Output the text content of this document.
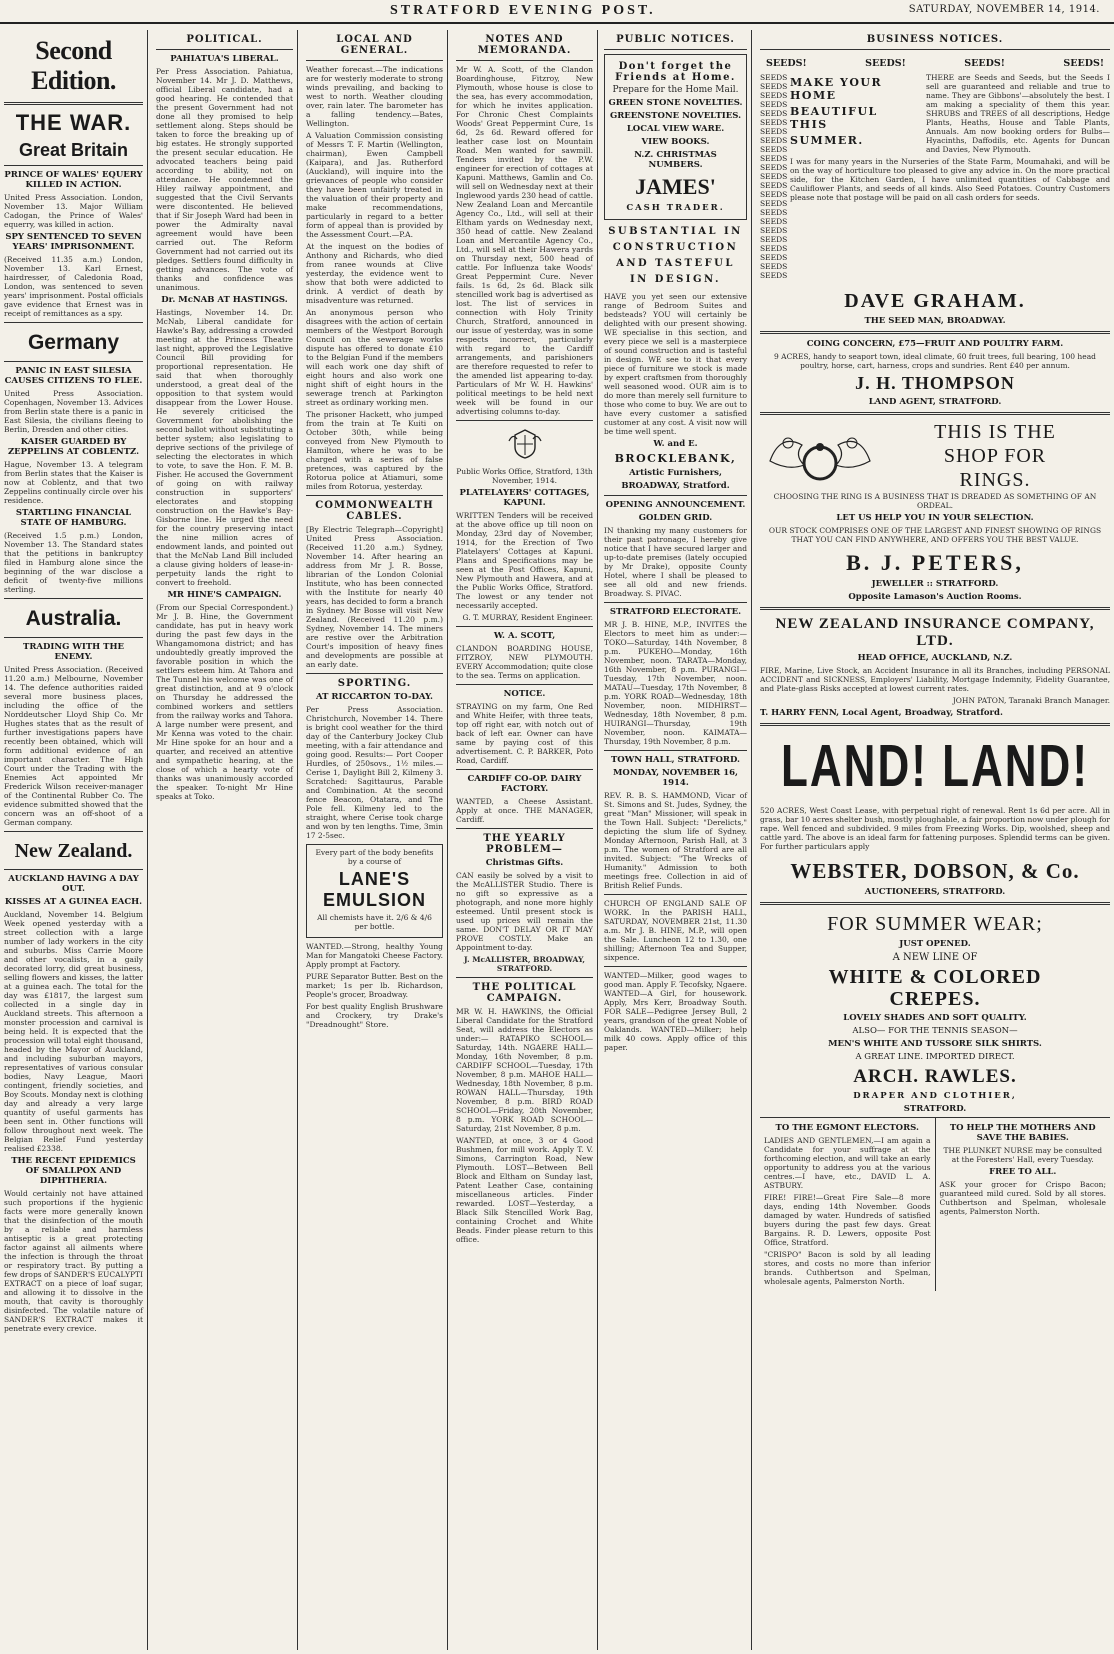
STRATFORD EVENING POST.	SATURDAY, NOVEMBER 14, 1914.
Second Edition.
THE WAR.
Great Britain
PRINCE OF WALES' EQUERY KILLED IN ACTION.

United Press Association. London, November 13. Major William Cadogan, the Prince of Wales' equerry, was killed in action.

SPY SENTENCED TO SEVEN YEARS' IMPRISONMENT.

(Received 11.35 a.m.) London, November 13. Karl Ernest, hairdresser, of Caledonia Road, London, was sentenced to seven years' imprisonment. Postal officials gave evidence that Ernest was in receipt of remittances as a spy.

Germany
PANIC IN EAST SILESIA CAUSES CITIZENS TO FLEE.

United Press Association. Copenhagen, November 13. Advices from Berlin state there is a panic in East Silesia, the civilians fleeing to Berlin, Dresden and other cities.

KAISER GUARDED BY ZEPPELINS AT COBLENTZ.

Hague, November 13. A telegram from Berlin states that the Kaiser is now at Coblentz, and that two Zeppelins continually circle over his residence.

STARTLING FINANCIAL STATE OF HAMBURG.

(Received 1.5 p.m.) London, November 13. The Standard states that the petitions in bankruptcy filed in Hamburg alone since the beginning of the war disclose a deficit of twenty-five millions sterling.

Australia.
TRADING WITH THE ENEMY.

United Press Association. (Received 11.20 a.m.) Melbourne, November 14. The defence authorities raided several more business places, including the office of the Norddeutscher Lloyd Ship Co. Mr Hughes states that as the result of further investigations papers have recently been obtained, which will form additional evidence of an important character. The High Court under the Trading with the Enemies Act appointed Mr Frederick Wilson receiver-manager of the Continental Rubber Co. The evidence submitted showed that the concern was an off-shoot of a German company.

New Zealand.
AUCKLAND HAVING A DAY OUT.
KISSES AT A GUINEA EACH.

Auckland, November 14. Belgium Week opened yesterday with a street collection with a large number of lady workers in the city and suburbs. Miss Carrie Moore and other vocalists, in a gaily decorated lorry, did great business, selling flowers and kisses, the latter at a guinea each. The total for the day was £1817, the largest sum collected in a single day in Auckland streets. This afternoon a monster procession and carnival is being held. It is expected that the procession will total eight thousand, headed by the Mayor of Auckland, and including suburban mayors, representatives of various consular bodies, Navy League, Maori contingent, friendly societies, and Boy Scouts. Monday next is clothing day and already a very large quantity of useful garments has been sent in. Other functions will follow throughout next week. The Belgian Relief Fund yesterday realised £2338.

THE RECENT EPIDEMICS OF SMALLPOX AND DIPHTHERIA.

Would certainly not have attained such proportions if the hygienic facts were more generally known that the disinfection of the mouth by a reliable and harmless antiseptic is a great protecting factor against all ailments where the infection is through the throat or respiratory tract. By putting a few drops of SANDER'S EUCALYPTI EXTRACT on a piece of loaf sugar, and allowing it to dissolve in the mouth, that cavity is thoroughly disinfected. The volatile nature of SANDER'S EXTRACT makes it penetrate every crevice.

POLITICAL.
PAHIATUA'S LIBERAL.

Per Press Association. Pahiatua, November 14. Mr J. D. Matthews, official Liberal candidate, had a good hearing. He contended that the present Government had not done all they promised to help settlement along. Steps should be taken to force the breaking up of big estates. He strongly supported the present secular education. He advocated teachers being paid according to ability, not on attendance. He condemned the Hiley railway appointment, and suggested that the Civil Servants were discontented. He believed that if Sir Joseph Ward had been in power the Admiralty naval agreement would have been carried out. The Reform Government had not carried out its pledges. Settlers found difficulty in getting advances. The vote of thanks and confidence was unanimous.

Dr. McNAB AT HASTINGS.

Hastings, November 14. Dr. McNab, Liberal candidate for Hawke's Bay, addressing a crowded meeting at the Princess Theatre last night, approved the Legislative Council Bill providing for proportional representation. He said that when thoroughly understood, a great deal of the opposition to that system would disappear from the Lower House. He severely criticised the Government for abolishing the second ballot without substituting a better system; also legislating to deprive sections of the privilege of selecting the electorates in which to vote, to save the Hon. F. M. B. Fisher. He accused the Government of going on with railway construction in supporters' electorates and stopping construction on the Hawke's Bay-Gisborne line. He urged the need for the country preserving intact the nine million acres of endowment lands, and pointed out that the McNab Land Bill included a clause giving holders of lease-in-perpetuity lands the right to convert to freehold.

MR HINE'S CAMPAIGN.

(From our Special Correspondent.) Mr J. B. Hine, the Government candidate, has put in heavy work during the past few days in the Whangamomona district; and has undoubtedly greatly improved the favorable position in which the settlers esteem him. At Tahora and The Tunnel his welcome was one of great distinction, and at 9 o'clock on Thursday he addressed the combined workers and settlers from the railway works and Tahora. A large number were present, and Mr Kenna was voted to the chair. Mr Hine spoke for an hour and a quarter, and received an attentive and sympathetic hearing, at the close of which a hearty vote of thanks was unanimously accorded the speaker. To-night Mr Hine speaks at Toko.

LOCAL AND GENERAL.

Weather forecast.—The indications are for westerly moderate to strong winds prevailing, and backing to west to north. Weather clouding over, rain later. The barometer has a falling tendency.—Bates, Wellington.

A Valuation Commission consisting of Messrs T. F. Martin (Wellington, chairman), Ewen Campbell (Kaipara), and Jas. Rutherford (Auckland), will inquire into the grievances of people who consider they have been unfairly treated in the valuation of their property and make recommendations, particularly in regard to a better form of appeal than is provided by the Assessment Court.—P.A.

At the inquest on the bodies of Anthony and Richards, who died from ranee wounds at Clive yesterday, the evidence went to show that both were addicted to drink. A verdict of death by misadventure was returned.

An anonymous person who disagrees with the action of certain members of the Westport Borough Council on the sewerage works dispute has offered to donate £10 to the Belgian Fund if the members will each work one day shift of eight hours and also work one night shift of eight hours in the sewerage trench at Parkington street as ordinary working men.

The prisoner Hackett, who jumped from the train at Te Kuiti on October 30th, while being conveyed from New Plymouth to Hamilton, where he was to be charged with a series of false pretences, was captured by the Rotorua police at Atiamuri, some miles from Rotorua, yesterday.

COMMONWEALTH CABLES.

[By Electric Telegraph—Copyright] United Press Association. (Received 11.20 a.m.) Sydney, November 14. After hearing an address from Mr J. R. Bosse, librarian of the London Colonial Institute, who has been connected with the Institute for nearly 40 years, has decided to form a branch in Sydney. Mr Bosse will visit New Zealand. (Received 11.20 p.m.) Sydney, November 14. The miners are restive over the Arbitration Court's imposition of heavy fines and developments are possible at an early date.

SPORTING.
AT RICCARTON TO-DAY.

Per Press Association. Christchurch, November 14. There is bright cool weather for the third day of the Canterbury Jockey Club meeting, with a fair attendance and going good. Results:— Port Cooper Hurdles, of 250sovs., 1½ miles.—Cerise 1, Daylight Bill 2, Kilmeny 3. Scratched: Sagittaurus, Parable and Combination. At the second fence Beacon, Otatara, and The Pole fell. Kilmeny led to the straight, where Cerise took charge and won by ten lengths. Time, 3min 17 2-5sec.

Every part of the body benefits by a course of
LANE'S EMULSION
All chemists have it. 2/6 & 4/6 per bottle.

WANTED.—Strong, healthy Young Man for Mangatoki Cheese Factory. Apply prompt at Factory.

PURE Separator Butter. Best on the market; 1s per lb. Richardson, People's grocer, Broadway.

For best quality English Brushware and Crockery, try Drake's "Dreadnought" Store.

NOTES AND MEMORANDA.

Mr W. A. Scott, of the Clandon Boardinghouse, Fitzroy, New Plymouth, whose house is close to the sea, has every accommodation, for which he invites application. For Chronic Chest Complaints Woods' Great Peppermint Cure, 1s 6d, 2s 6d. Reward offered for leather case lost on Mountain Road. Men wanted for sawmill. Tenders invited by the P.W. engineer for erection of cottages at Kapuni. Matthews, Gamlin and Co. will sell on Wednesday next at their Inglewood yards 230 head of cattle. New Zealand Loan and Mercantile Agency Co., Ltd., will sell at their Eltham yards on Wednesday next, 350 head of cattle. New Zealand Loan and Mercantile Agency Co., Ltd., will sell at their Hawera yards on Thursday next, 500 head of cattle. For Influenza take Woods' Great Peppermint Cure. Never fails. 1s 6d, 2s 6d. Black silk stencilled work bag is advertised as lost. The list of services in connection with Holy Trinity Church, Stratford, announced in our issue of yesterday, was in some respects incorrect, particularly with regard to the Cardiff arrangements, and parishioners are therefore requested to refer to the amended list appearing to-day. Particulars of Mr W. H. Hawkins' political meetings to be held next week will be found in our advertising columns to-day.

Public Works Office, Stratford, 13th November, 1914.

PLATELAYERS' COTTAGES, KAPUNI.

WRITTEN Tenders will be received at the above office up till noon on Monday, 23rd day of November, 1914, for the Erection of Two Platelayers' Cottages at Kapuni. Plans and Specifications may be seen at the Post Offices, Kapuni, New Plymouth and Hawera, and at the Public Works Office, Stratford. The lowest or any tender not necessarily accepted.

G. T. MURRAY, Resident Engineer.

W. A. SCOTT,

CLANDON BOARDING HOUSE, FITZROY, NEW PLYMOUTH. EVERY Accommodation; quite close to the sea. Terms on application.

NOTICE.

STRAYING on my farm, One Red and White Heifer, with three teats, top off right ear, with notch out of back of left ear. Owner can have same by paying cost of this advertisement. C. P. BARKER, Poto Road, Cardiff.

CARDIFF CO-OP. DAIRY FACTORY.

WANTED, a Cheese Assistant. Apply at once. THE MANAGER, Cardiff.

THE YEARLY PROBLEM—
Christmas Gifts.

CAN easily be solved by a visit to the McALLISTER Studio. There is no gift so expressive as a photograph, and none more highly esteemed. Until present stock is used up prices will remain the same. DON'T DELAY OR IT MAY PROVE COSTLY. Make an Appointment to-day.

J. McALLISTER, BROADWAY, STRATFORD.

THE POLITICAL CAMPAIGN.

MR W. H. HAWKINS, the Official Liberal Candidate for the Stratford Seat, will address the Electors as under:— RATAPIKO SCHOOL—Saturday, 14th. NGAERE HALL—Monday, 16th November, 8 p.m. CARDIFF SCHOOL—Tuesday, 17th November, 8 p.m. MAHOE HALL—Wednesday, 18th November, 8 p.m. ROWAN HALL—Thursday, 19th November, 8 p.m. BIRD ROAD SCHOOL—Friday, 20th November, 8 p.m. YORK ROAD SCHOOL—Saturday, 21st November, 8 p.m.

WANTED, at once, 3 or 4 Good Bushmen, for mill work. Apply T. V. Simons, Carrington Road, New Plymouth. LOST—Between Bell Block and Eltham on Sunday last, Patent Leather Case, containing miscellaneous articles. Finder rewarded. LOST—Yesterday, a Black Silk Stencilled Work Bag, containing Crochet and White Beads. Finder please return to this office.

PUBLIC NOTICES.
Don't forget the Friends at Home.
Prepare for the Home Mail.
GREEN STONE NOVELTIES.
GREENSTONE NOVELTIES.
LOCAL VIEW WARE.
VIEW BOOKS.
N.Z. CHRISTMAS NUMBERS.
JAMES'
CASH TRADER.
SUBSTANTIAL IN CONSTRUCTION AND TASTEFUL IN DESIGN.

HAVE you yet seen our extensive range of Bedroom Suites and bedsteads? YOU will certainly be delighted with our present showing. WE specialise in this section, and every piece we sell is a masterpiece of sound construction and is tasteful in design. WE see to it that every piece of furniture we stock is made by expert craftsmen from thoroughly well seasoned wood. OUR aim is to do more than merely sell furniture to those who come to buy. We are out to have every customer a satisfied customer at any cost. A visit now will be time well spent.

W. and E.
BROCKLEBANK,
Artistic Furnishers,
BROADWAY, Stratford.
OPENING ANNOUNCEMENT.
GOLDEN GRID.

IN thanking my many customers for their past patronage, I hereby give notice that I have secured larger and up-to-date premises (lately occupied by Mr Drake), opposite County Hotel, where I shall be pleased to see all old and new friends. Broadway. S. PIVAC.

STRATFORD ELECTORATE.

MR J. B. HINE, M.P., INVITES the Electors to meet him as under:— TOKO—Saturday, 14th November, 8 p.m. PUKEHO—Monday, 16th November, noon. TARATA—Monday, 16th November, 8 p.m. PURANGI—Tuesday, 17th November, noon. MATAU—Tuesday, 17th November, 8 p.m. YORK ROAD—Wednesday, 18th November, noon. MIDHIRST—Wednesday, 18th November, 8 p.m. HUIRANGI—Thursday, 19th November, noon. KAIMATA—Thursday, 19th November, 8 p.m.

TOWN HALL, STRATFORD.
MONDAY, NOVEMBER 16, 1914.

REV. R. B. S. HAMMOND, Vicar of St. Simons and St. Judes, Sydney, the great "Man" Missioner, will speak in the Town Hall. Subject: "Derelicts," depicting the slum life of Sydney. Monday Afternoon, Parish Hall, at 3 p.m. The women of Stratford are all invited. Subject: "The Wrecks of Humanity." Admission to both meetings free. Collection in aid of British Relief Funds.

CHURCH OF ENGLAND SALE OF WORK. In the PARISH HALL, SATURDAY, NOVEMBER 21st, 11.30 a.m. Mr J. B. HINE, M.P., will open the Sale. Luncheon 12 to 1.30, one shilling; Afternoon Tea and Supper, sixpence.

WANTED—Milker, good wages to good man. Apply F. Tecofsky, Ngaere. WANTED—A Girl, for housework. Apply, Mrs Kerr, Broadway South. FOR SALE—Pedigree Jersey Bull, 2 years, grandson of the great Noble of Oaklands. WANTED—Milker; help milk 40 cows. Apply office of this paper.

BUSINESS NOTICES.
SEEDS!	SEEDS!	SEEDS!	SEEDS!
SEEDS
SEEDS
SEEDS
SEEDS
SEEDS
SEEDS
SEEDS
SEEDS
SEEDS
SEEDS
SEEDS
SEEDS
SEEDS
SEEDS
SEEDS
SEEDS
SEEDS
SEEDS
SEEDS
SEEDS
SEEDS
SEEDS
SEEDS
MAKE YOUR HOME
BEAUTIFUL THIS
SUMMER.

THERE are Seeds and Seeds, but the Seeds I sell are guaranteed and reliable and true to name. They are Gibbons'—absolutely the best. I am making a speciality of them this year. SHRUBS and TREES of all descriptions, Hedge Plants, Heaths, House and Table Plants, Annuals. Am now booking orders for Bulbs—Hyacinths, Daffodils, etc. Agents for Duncan and Davies, New Plymouth.

I was for many years in the Nurseries of the State Farm, Moumahaki, and will be on the way of horticulture too pleased to give any advice in. On the more practical side, for the Kitchen Garden, I have unlimited quantities of Cabbage and Cauliflower Plants, and seeds of all kinds. Also Seed Potatoes. Country Customers please note that postage will be paid on all cash orders for seeds.

DAVE GRAHAM.
THE SEED MAN, BROADWAY.
COING CONCERN, £75—FRUIT AND POULTRY FARM.

9 ACRES, handy to seaport town, ideal climate, 60 fruit trees, full bearing, 100 head poultry, horse, cart, harness, crops and sundries. Rent £40 per annum.

J. H. THOMPSON
LAND AGENT, STRATFORD.
THIS IS THE
SHOP FOR
RINGS.

CHOOSING THE RING IS A BUSINESS THAT IS DREADED AS SOMETHING OF AN ORDEAL.

LET US HELP YOU IN YOUR SELECTION.

OUR STOCK COMPRISES ONE OF THE LARGEST AND FINEST SHOWING OF RINGS THAT YOU CAN FIND ANYWHERE, AND OFFERS YOU THE BEST VALUE.

B. J. PETERS,
JEWELLER :: STRATFORD.
Opposite Lamason's Auction Rooms.
NEW ZEALAND INSURANCE COMPANY, LTD.
HEAD OFFICE, AUCKLAND, N.Z.

FIRE, Marine, Live Stock, an Accident Insurance in all its Branches, including PERSONAL ACCIDENT and SICKNESS, Employers' Liability, Mortgage Indemnity, Fidelity Guarantee, and Plate-glass Risks accepted at lowest current rates.

JOHN PATON, Taranaki Branch Manager.

T. HARRY FENN, Local Agent, Broadway, Stratford.
LAND! LAND!

520 ACRES, West Coast Lease, with perpetual right of renewal. Rent 1s 6d per acre. All in grass, bar 10 acres shelter bush, mostly ploughable, a fair proportion now under plough for rape. Well fenced and subdivided. 9 miles from Freezing Works. Dip, woolshed, sheep and cattle yard. The above is an ideal farm for fattening purposes. Splendid terms can be given. For further particulars apply

WEBSTER, DOBSON, & Co.
AUCTIONEERS, STRATFORD.
FOR SUMMER WEAR;
JUST OPENED.
A NEW LINE OF
WHITE & COLORED
CREPES.
LOVELY SHADES AND SOFT QUALITY.
ALSO— FOR THE TENNIS SEASON—
MEN'S WHITE AND TUSSORE SILK SHIRTS.
A GREAT LINE. IMPORTED DIRECT.
ARCH. RAWLES.
DRAPER AND CLOTHIER,
STRATFORD.
TO THE EGMONT ELECTORS.

LADIES AND GENTLEMEN,—I am again a Candidate for your suffrage at the forthcoming election, and will take an early opportunity to address you at the various centres.—I have, etc., DAVID L. A. ASTBURY.

FIRE! FIRE!—Great Fire Sale—8 more days, ending 14th November. Goods damaged by water. Hundreds of satisfied buyers during the past few days. Great Bargains. R. D. Lewers, opposite Post Office, Stratford.

"CRISPO" Bacon is sold by all leading stores, and costs no more than inferior brands. Cuthbertson and Spelman, wholesale agents, Palmerston North.

TO HELP THE MOTHERS AND SAVE THE BABIES.

THE PLUNKET NURSE may be consulted at the Foresters' Hall, every Tuesday.

FREE TO ALL.

ASK your grocer for Crispo Bacon; guaranteed mild cured. Sold by all stores. Cuthbertson and Spelman, wholesale agents, Palmerston North.
